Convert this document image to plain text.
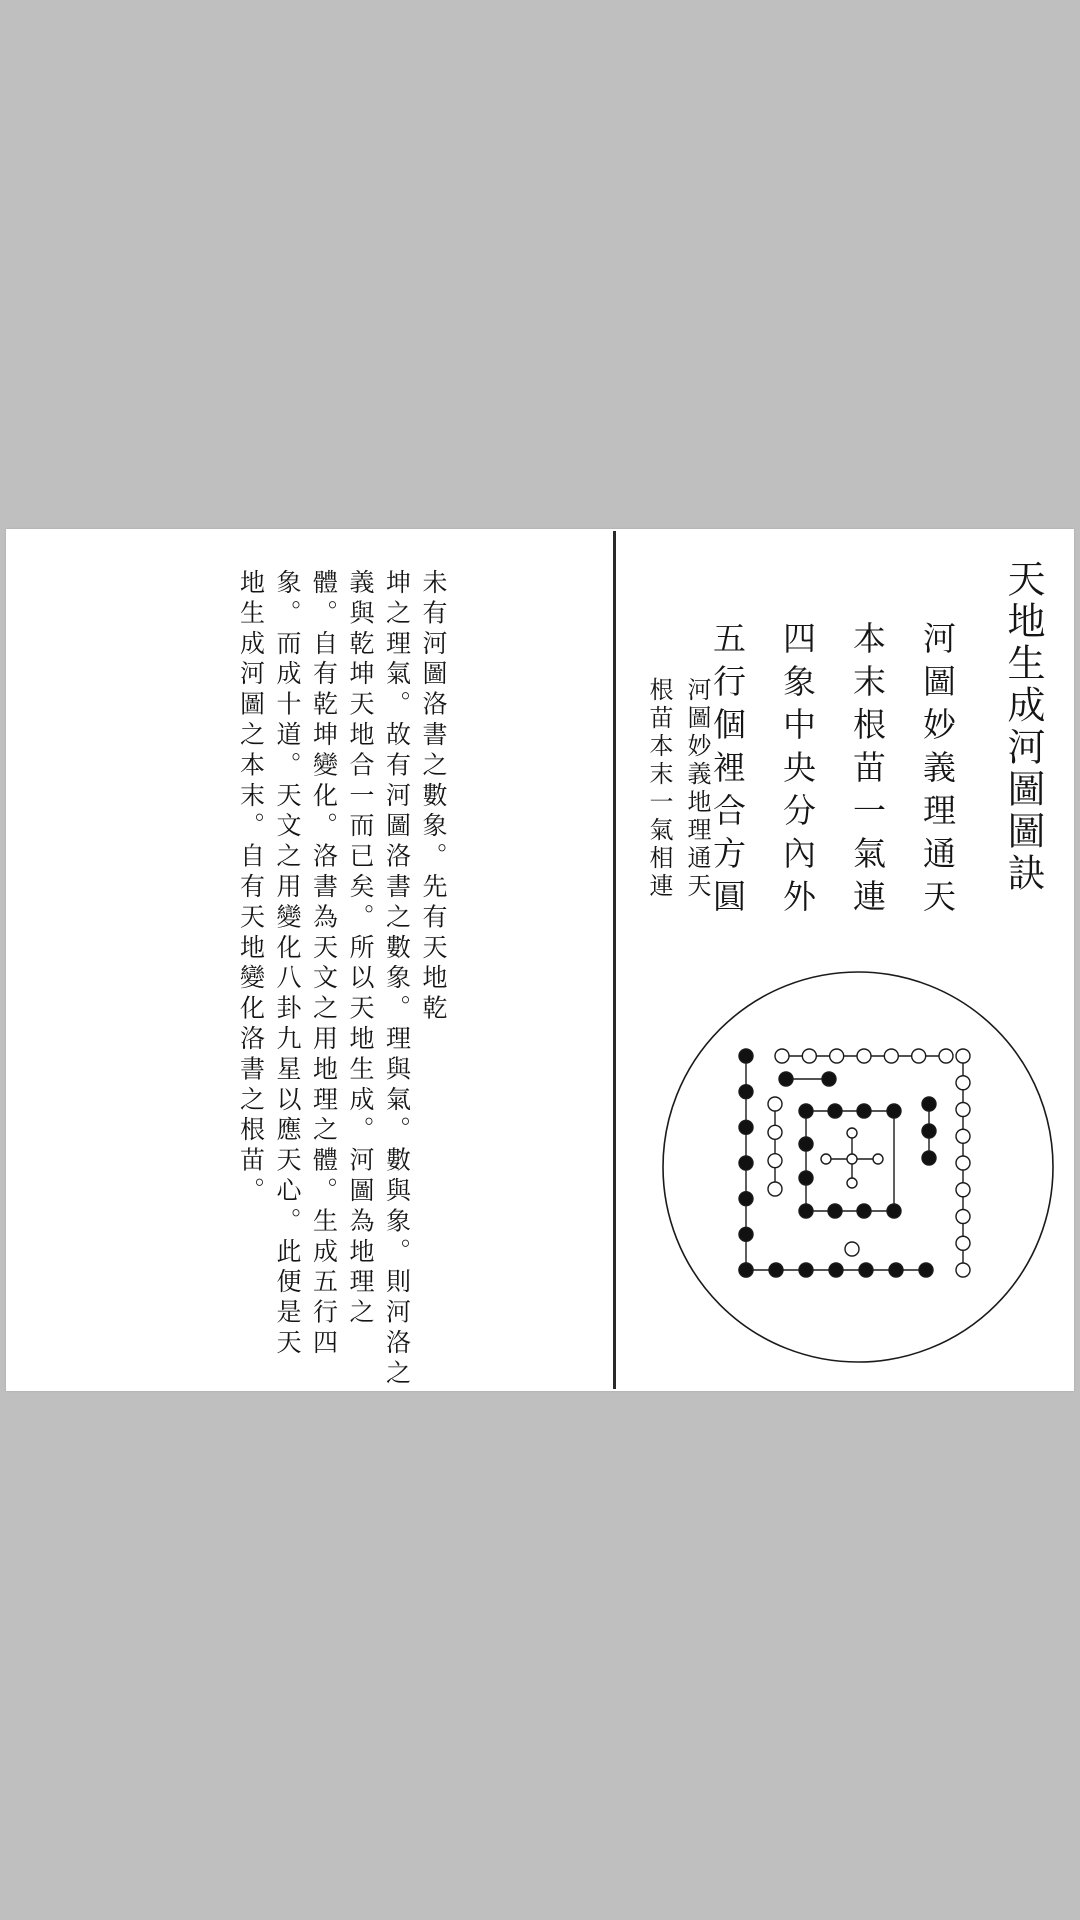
天地生成河圖圖訣
河圖妙義理通天
本末根苗一氣連
四象中央分內外
五行個裡合方圓
河圖妙義地理通天
根苗本末一氣相連
未有河圖洛書之數象。先有天地乾
坤之理氣。故有河圖洛書之數象。理與氣。數與象。則河洛之
義與乾坤天地合一而已矣。所以天地生成。河圖為地理之
體。自有乾坤變化。洛書為天文之用地理之體。生成五行四
象。而成十道。天文之用變化八卦九星以應天心。此便是天
地生成河圖之本末。自有天地變化洛書之根苗。
